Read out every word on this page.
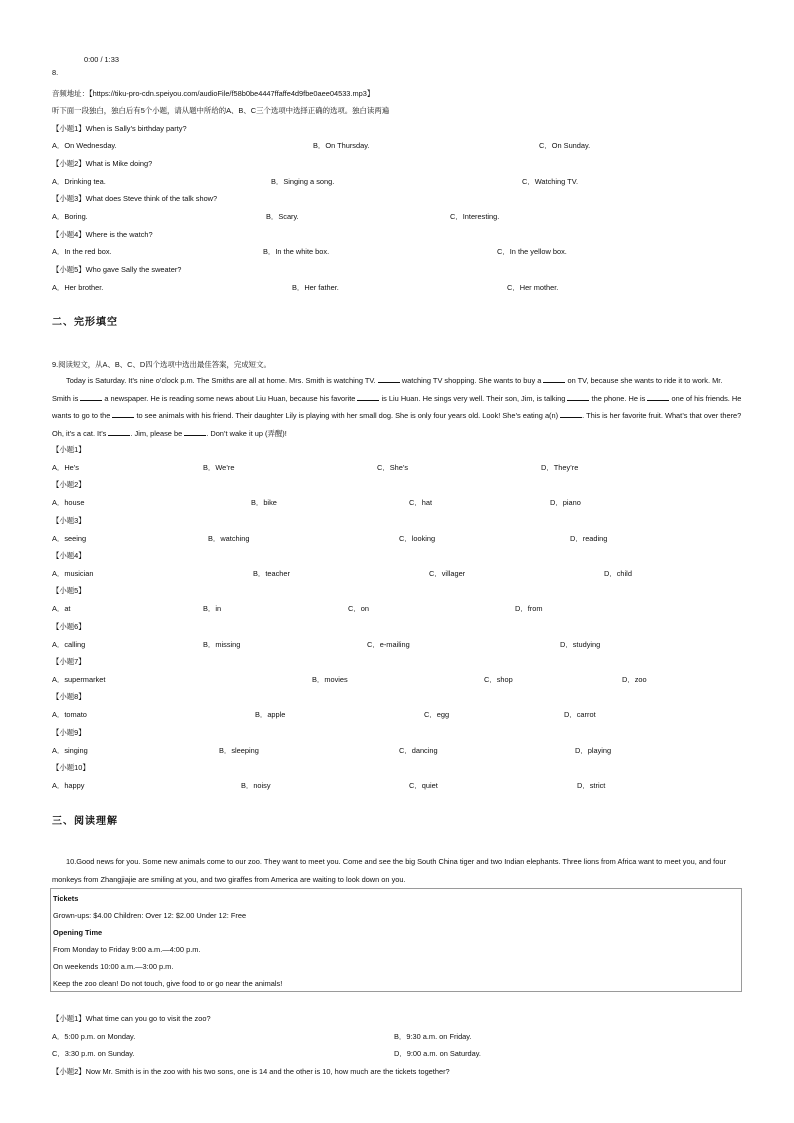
0:00 / 1:33
8.
音频地址：【https://tiku-pro-cdn.speiyou.com/audioFile/f58b0be4447ffaffe4d9fbe0aee04533.mp3】
听下面一段独白，独白后有5个小题，请从题中所给的A、B、C三个选项中选择正确的选项。独白读两遍
【小题1】When is Sally’s birthday party?
A．On Wednesday.	B．On Thursday.	C．On Sunday.
【小题2】What is Mike doing?
A．Drinking tea.	B．Singing a song.	C．Watching TV.
【小题3】What does Steve think of the talk show?
A．Boring.	B．Scary.	C．Interesting.
【小题4】Where is the watch?
A．In the red box.	B．In the white box.	C．In the yellow box.
【小题5】Who gave Sally the sweater?
A．Her brother.	B．Her father.	C．Her mother.
二、完形填空
9.阅读短文，从A、B、C、D四个选项中选出最佳答案，完成短文。

Today is Saturday. It’s nine o’clock p.m. The Smiths are all at home. Mrs. Smith is watching TV.	watching TV shopping. She wants to buy a	on TV, because she wants to ride it to work. Mr. Smith is	a newspaper. He is reading some news about Liu Huan, because his favorite	is Liu Huan. He sings very well. Their son, Jim, is talking	the phone. He is	one of his friends. He wants to go to the	to see animals with his friend. Their daughter Lily is playing with her small dog. She is only four years old. Look! She’s eating a(n)	. This is her favorite fruit. What’s that over there? Oh, it’s a cat. It’s	. Jim, please be	. Don’t wake it up (弄醒)!

【小题1】
A．He’s	B．We’re	C．She’s	D．They’re
【小题2】
A．house	B．bike	C．hat	D．piano
【小题3】
A．seeing	B．watching	C．looking	D．reading
【小题4】
A．musician	B．teacher	C．villager	D．child
【小题5】
A．at	B．in	C．on	D．from
【小题6】
A．calling	B．missing	C．e-mailing	D．studying
【小题7】
A．supermarket	B．movies	C．shop	D．zoo
【小题8】
A．tomato	B．apple	C．egg	D．carrot
【小题9】
A．singing	B．sleeping	C．dancing	D．playing
【小题10】
A．happy	B．noisy	C．quiet	D．strict
三、阅读理解

10.Good news for you. Some new animals come to our zoo. They want to meet you. Come and see the big South China tiger and two Indian elephants. Three lions from Africa want to meet you, and four monkeys from Zhangjiajie are smiling at you, and two giraffes from America are waiting to look down on you.

Tickets
Grown-ups: $4.00 Children: Over 12: $2.00 Under 12: Free
Opening Time
From Monday to Friday 9:00 a.m.—4:00 p.m.
On weekends 10:00 a.m.—3:00 p.m.
Keep the zoo clean! Do not touch, give food to or go near the animals!
【小题1】What time can you go to visit the zoo?
A．5:00 p.m. on Monday.	B．9:30 a.m. on Friday.
C．3:30 p.m. on Sunday.	D．9:00 a.m. on Saturday.
【小题2】Now Mr. Smith is in the zoo with his two sons, one is 14 and the other is 10, how much are the tickets together?
